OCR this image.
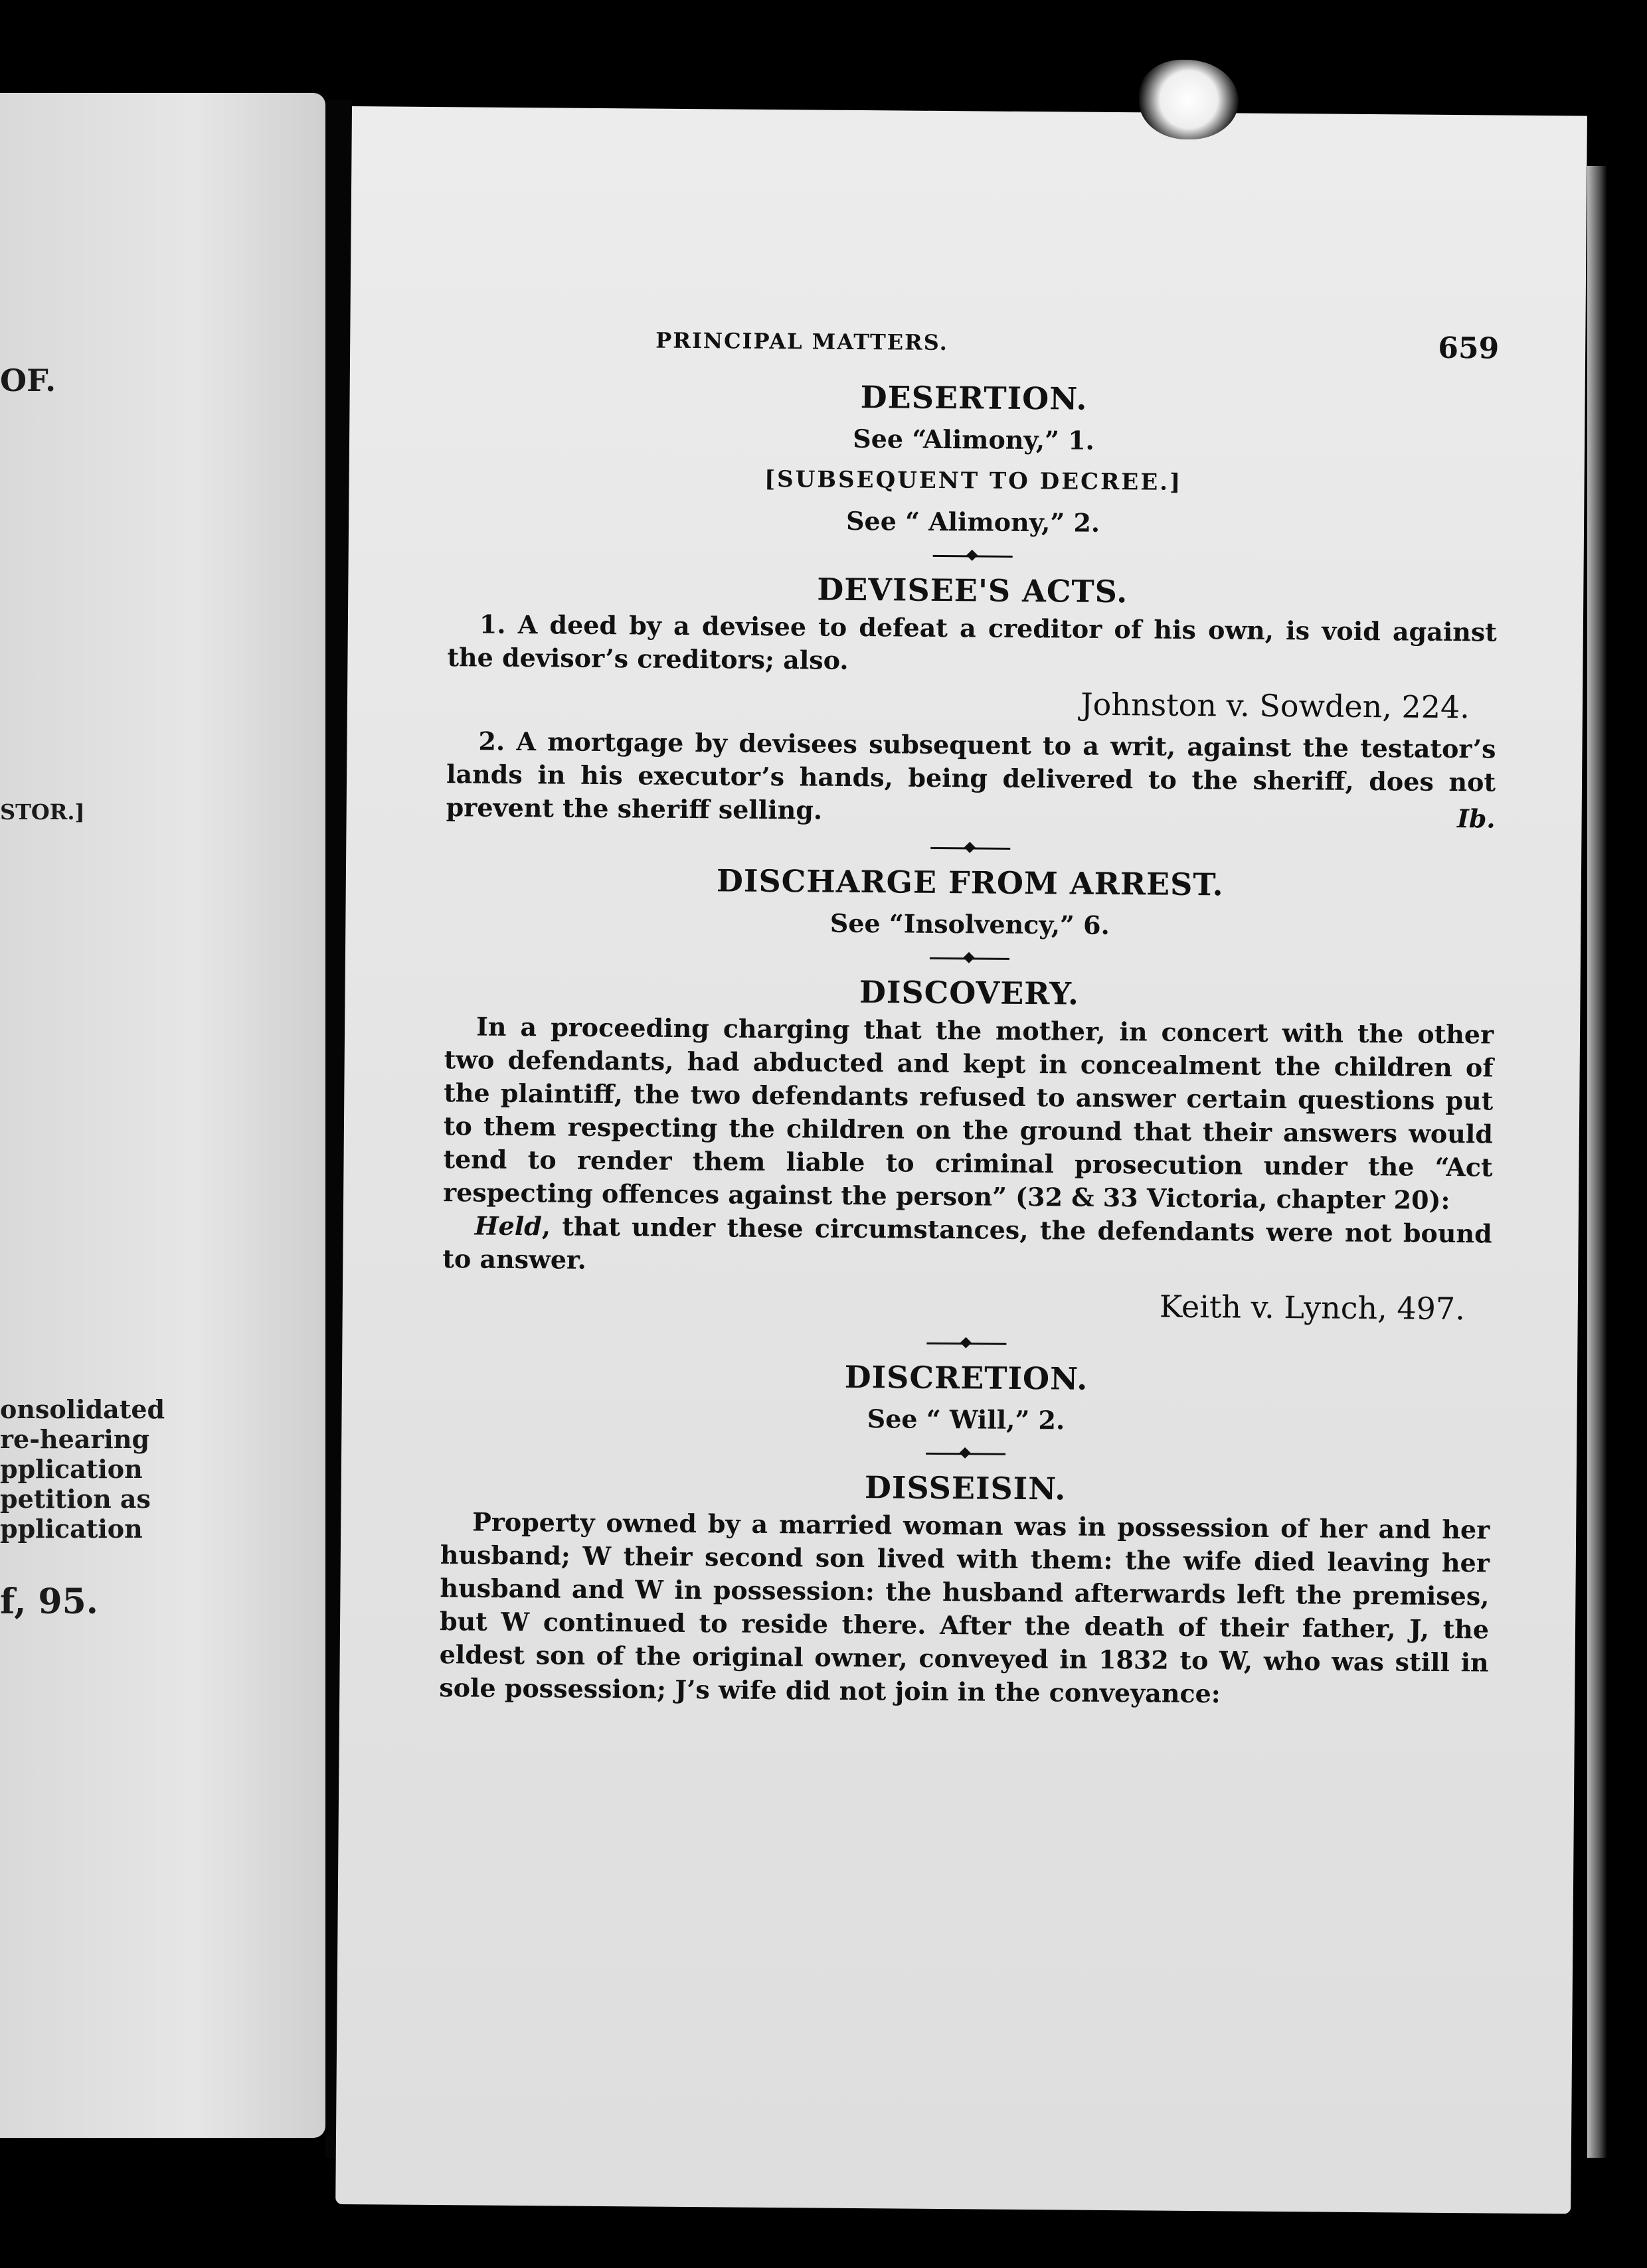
OF.
STOR.]
onsolidated
re-hearing
pplication
petition as
pplication
f, 95.
PRINCIPAL MATTERS.	659
DESERTION.

See “Alimony,” 1.

[SUBSEQUENT TO DECREE.]

See “ Alimony,” 2.

DEVISEE'S ACTS.

1. A deed by a devisee to defeat a creditor of his own, is void against the devisor’s creditors; also.

Johnston v. Sowden, 224.

2. A mortgage by devisees subsequent to a writ, against the testator’s lands in his executor’s hands, being delivered to the sheriff, does not prevent the sheriff selling.	Ib.

DISCHARGE FROM ARREST.

See “Insolvency,” 6.

DISCOVERY.

In a proceeding charging that the mother, in concert with the other two defendants, had abducted and kept in concealment the children of the plaintiff, the two defendants refused to answer certain questions put to them respecting the children on the ground that their answers would tend to render them liable to criminal prosecution under the “Act respecting offences against the person” (32 & 33 Victoria, chapter 20):

Held, that under these circumstances, the defendants were not bound to answer.

Keith v. Lynch, 497.

DISCRETION.

See “ Will,” 2.

DISSEISIN.

Property owned by a married woman was in possession of her and her husband; W their second son lived with them: the wife died leaving her husband and W in possession: the husband afterwards left the premises, but W continued to reside there. After the death of their father, J, the eldest son of the original owner, conveyed in 1832 to W, who was still in sole possession; J’s wife did not join in the conveyance:
